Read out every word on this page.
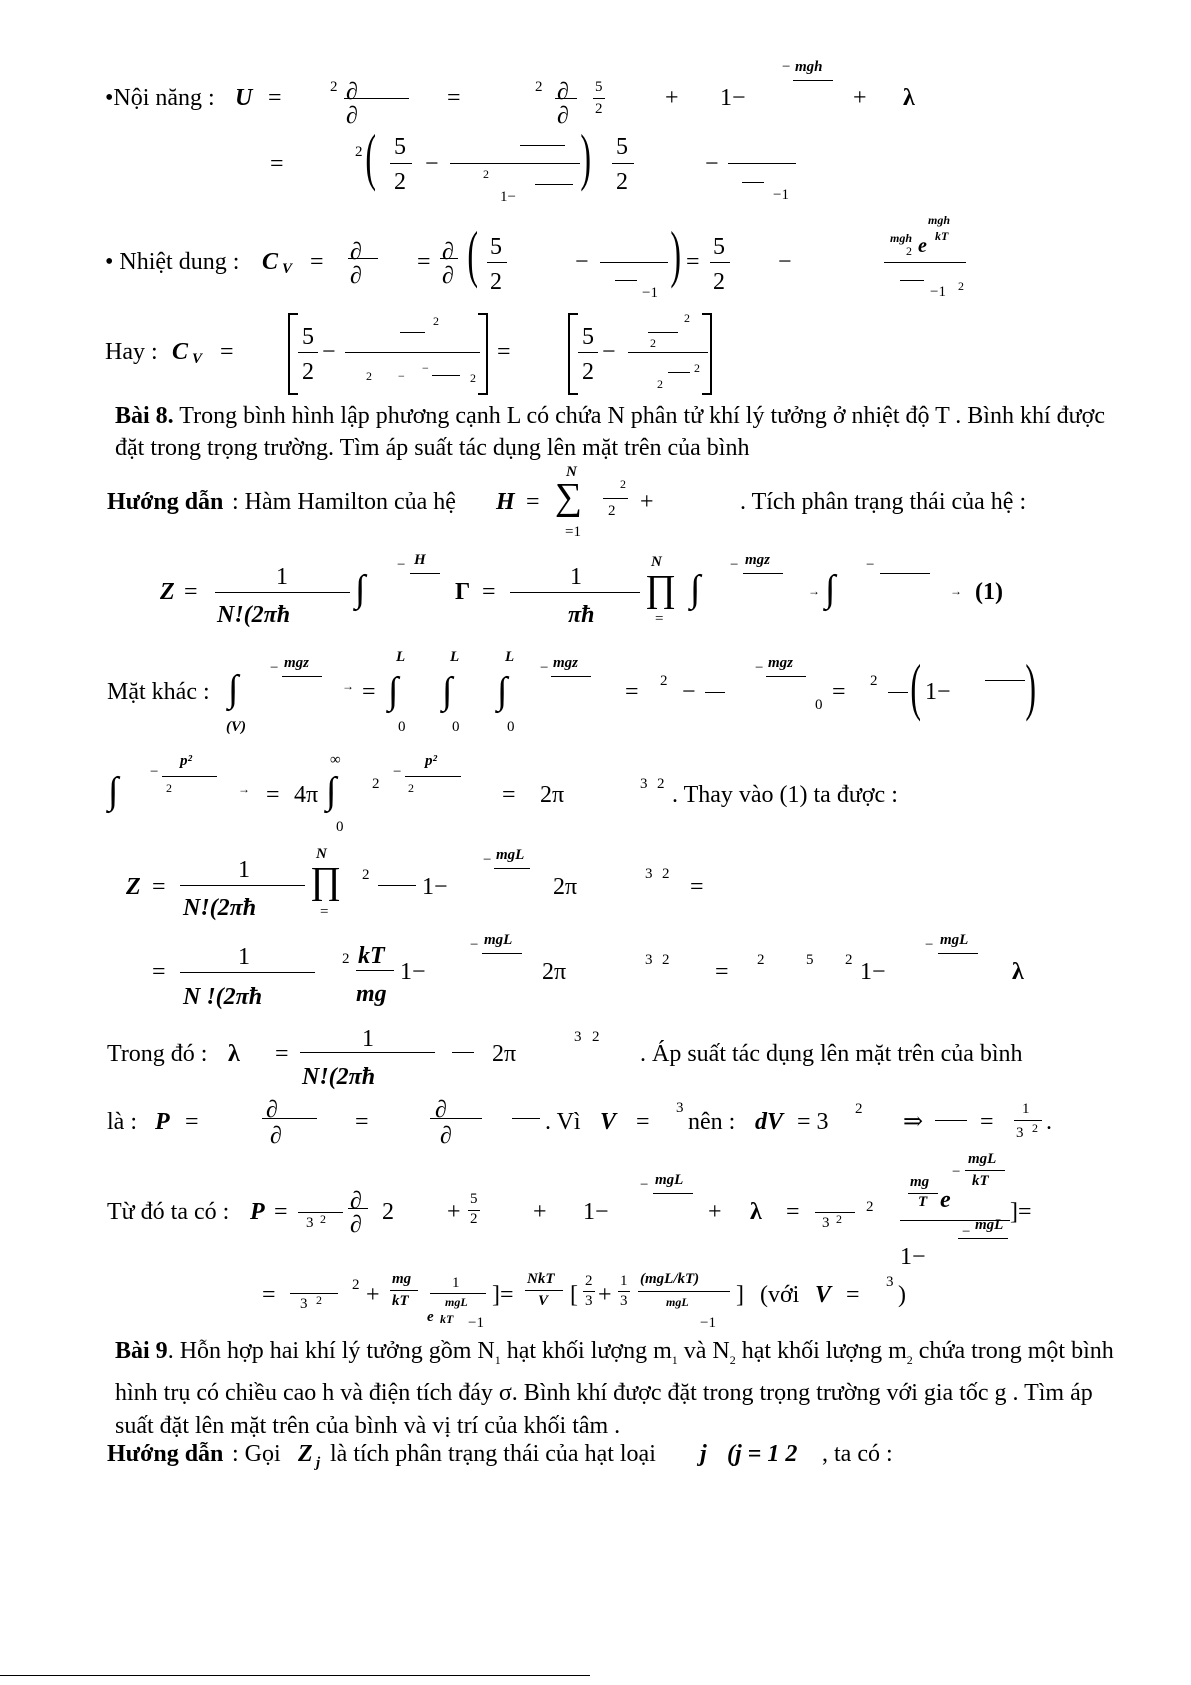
•Nội năng : U =	2 ∂
∂
=	2 ∂
∂
5
2	+ 1−
− mgh
+ λ
=	2 ( 5
2
−	2
1−
) 5
2
−
−1
• Nhiệt dung : C V = ∂
∂
= ∂
∂ ( 5
2
−
−1
) =
5
2
−
mgh
2 e
mgh
kT
−1 2
Hay : C V =
5
2
−
2
2 −
−
2
=
5
2
−	2
2
2
2
Bài 8. Trong bình hình lập phương cạnh L có chứa N phân tử khí lý tưởng ở nhiệt độ T . Bình khí được đặt trong trọng trường. Tìm áp suất tác dụng lên mặt trên của bình
Hướng dẫn : Hàm Hamilton của hệ H =
N
∑
=1
2
2 +	. Tích phân trạng thái của hệ :
Z =
1
N!(2πħ
∫
− H
Γ =
1
πħ
N
∏
=
∫
− mgz
→ ∫
−
→ (1)
Mặt khác : ∫
(V)
− mgz
→ =
L
∫
0
L
∫
0
L
∫
0
− mgz
= 2 −
− mgz
0 = 2 ( 1− )
∫ −
p²
2	→ = 4π
∞
∫
0
2
−
p²
2	= 2π	3 2 . Thay vào (1) ta được :
Z =
1
N!(2πħ
N
∏
=
2 1−
− mgL
2π	3 2 =
=
1
N !(2πħ
2 kT
mg
1−
− mgL
2π	3 2 = 2	5 2 1−
− mgL
λ
Trong đó : λ =
1
N!(2πħ
2π
3 2
. Áp suất tác dụng lên mặt trên của bình
là : P =	∂
∂
=	∂
∂
. Vì V =
3
nên : dV = 3 2 ⇒ = 1
3 2 .
Từ đó ta có : P = 3 2
∂
∂ 2 + 5
2 + 1−
− mgL
+ λ = 3 2
2
mg
T e
−
mgL
kT
mgL
−
1−
]=
= 3 2
2 +
mg
kT
1
mgL
e kT −1
]=
NkT
V [
2
3 +
1
3
(mgL/kT)
mgL
−1
] (với V = 3 )
Bài 9. Hỗn hợp hai khí lý tưởng gồm $N_1$ hạt khối lượng $m_1$ và $N_2$ hạt khối lượng $m_2$ chứa trong một bình hình trụ có chiều cao h và điện tích đáy σ. Bình khí được đặt trong trọng trường với gia tốc g . Tìm áp suất đặt lên mặt trên của bình và vị trí của khối tâm .
Hướng dẫn : Gọi Z j là tích phân trạng thái của hạt loại j (j = 1 2 , ta có :
